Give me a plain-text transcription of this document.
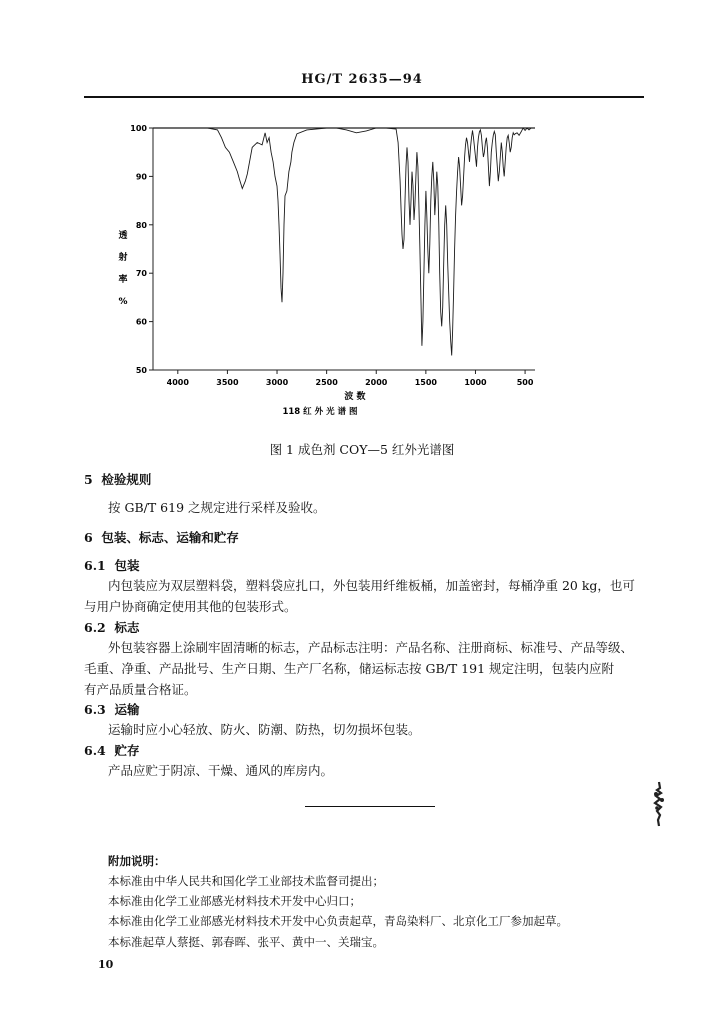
HG/T 2635—94
100
90
80
70
60
50
4000	3500	3000	2500	2000	1500	1000	500
透
射
率
%
波 数
118 红 外 光 谱 图
图 1 成色剂 COY—5 红外光谱图
5 检验规则
按 GB/T 619 之规定进行采样及验收。
6 包装、标志、运输和贮存
6.1 包装
内包装应为双层塑料袋，塑料袋应扎口，外包装用纤维板桶，加盖密封，每桶净重 20 kg，也可
与用户协商确定使用其他的包装形式。
6.2 标志
外包装容器上涂刷牢固清晰的标志，产品标志注明：产品名称、注册商标、标准号、产品等级、
毛重、净重、产品批号、生产日期、生产厂名称，储运标志按 GB/T 191 规定注明，包装内应附
有产品质量合格证。
6.3 运输
运输时应小心轻放、防火、防潮、防热，切勿损坏包装。
6.4 贮存
产品应贮于阴凉、干燥、通风的库房内。
附加说明：
本标准由中华人民共和国化学工业部技术监督司提出；
本标准由化学工业部感光材料技术开发中心归口；
本标准由化学工业部感光材料技术开发中心负责起草，青岛染料厂、北京化工厂参加起草。
本标准起草人蔡挺、郭春晖、张平、黄中一、关瑞宝。
10
